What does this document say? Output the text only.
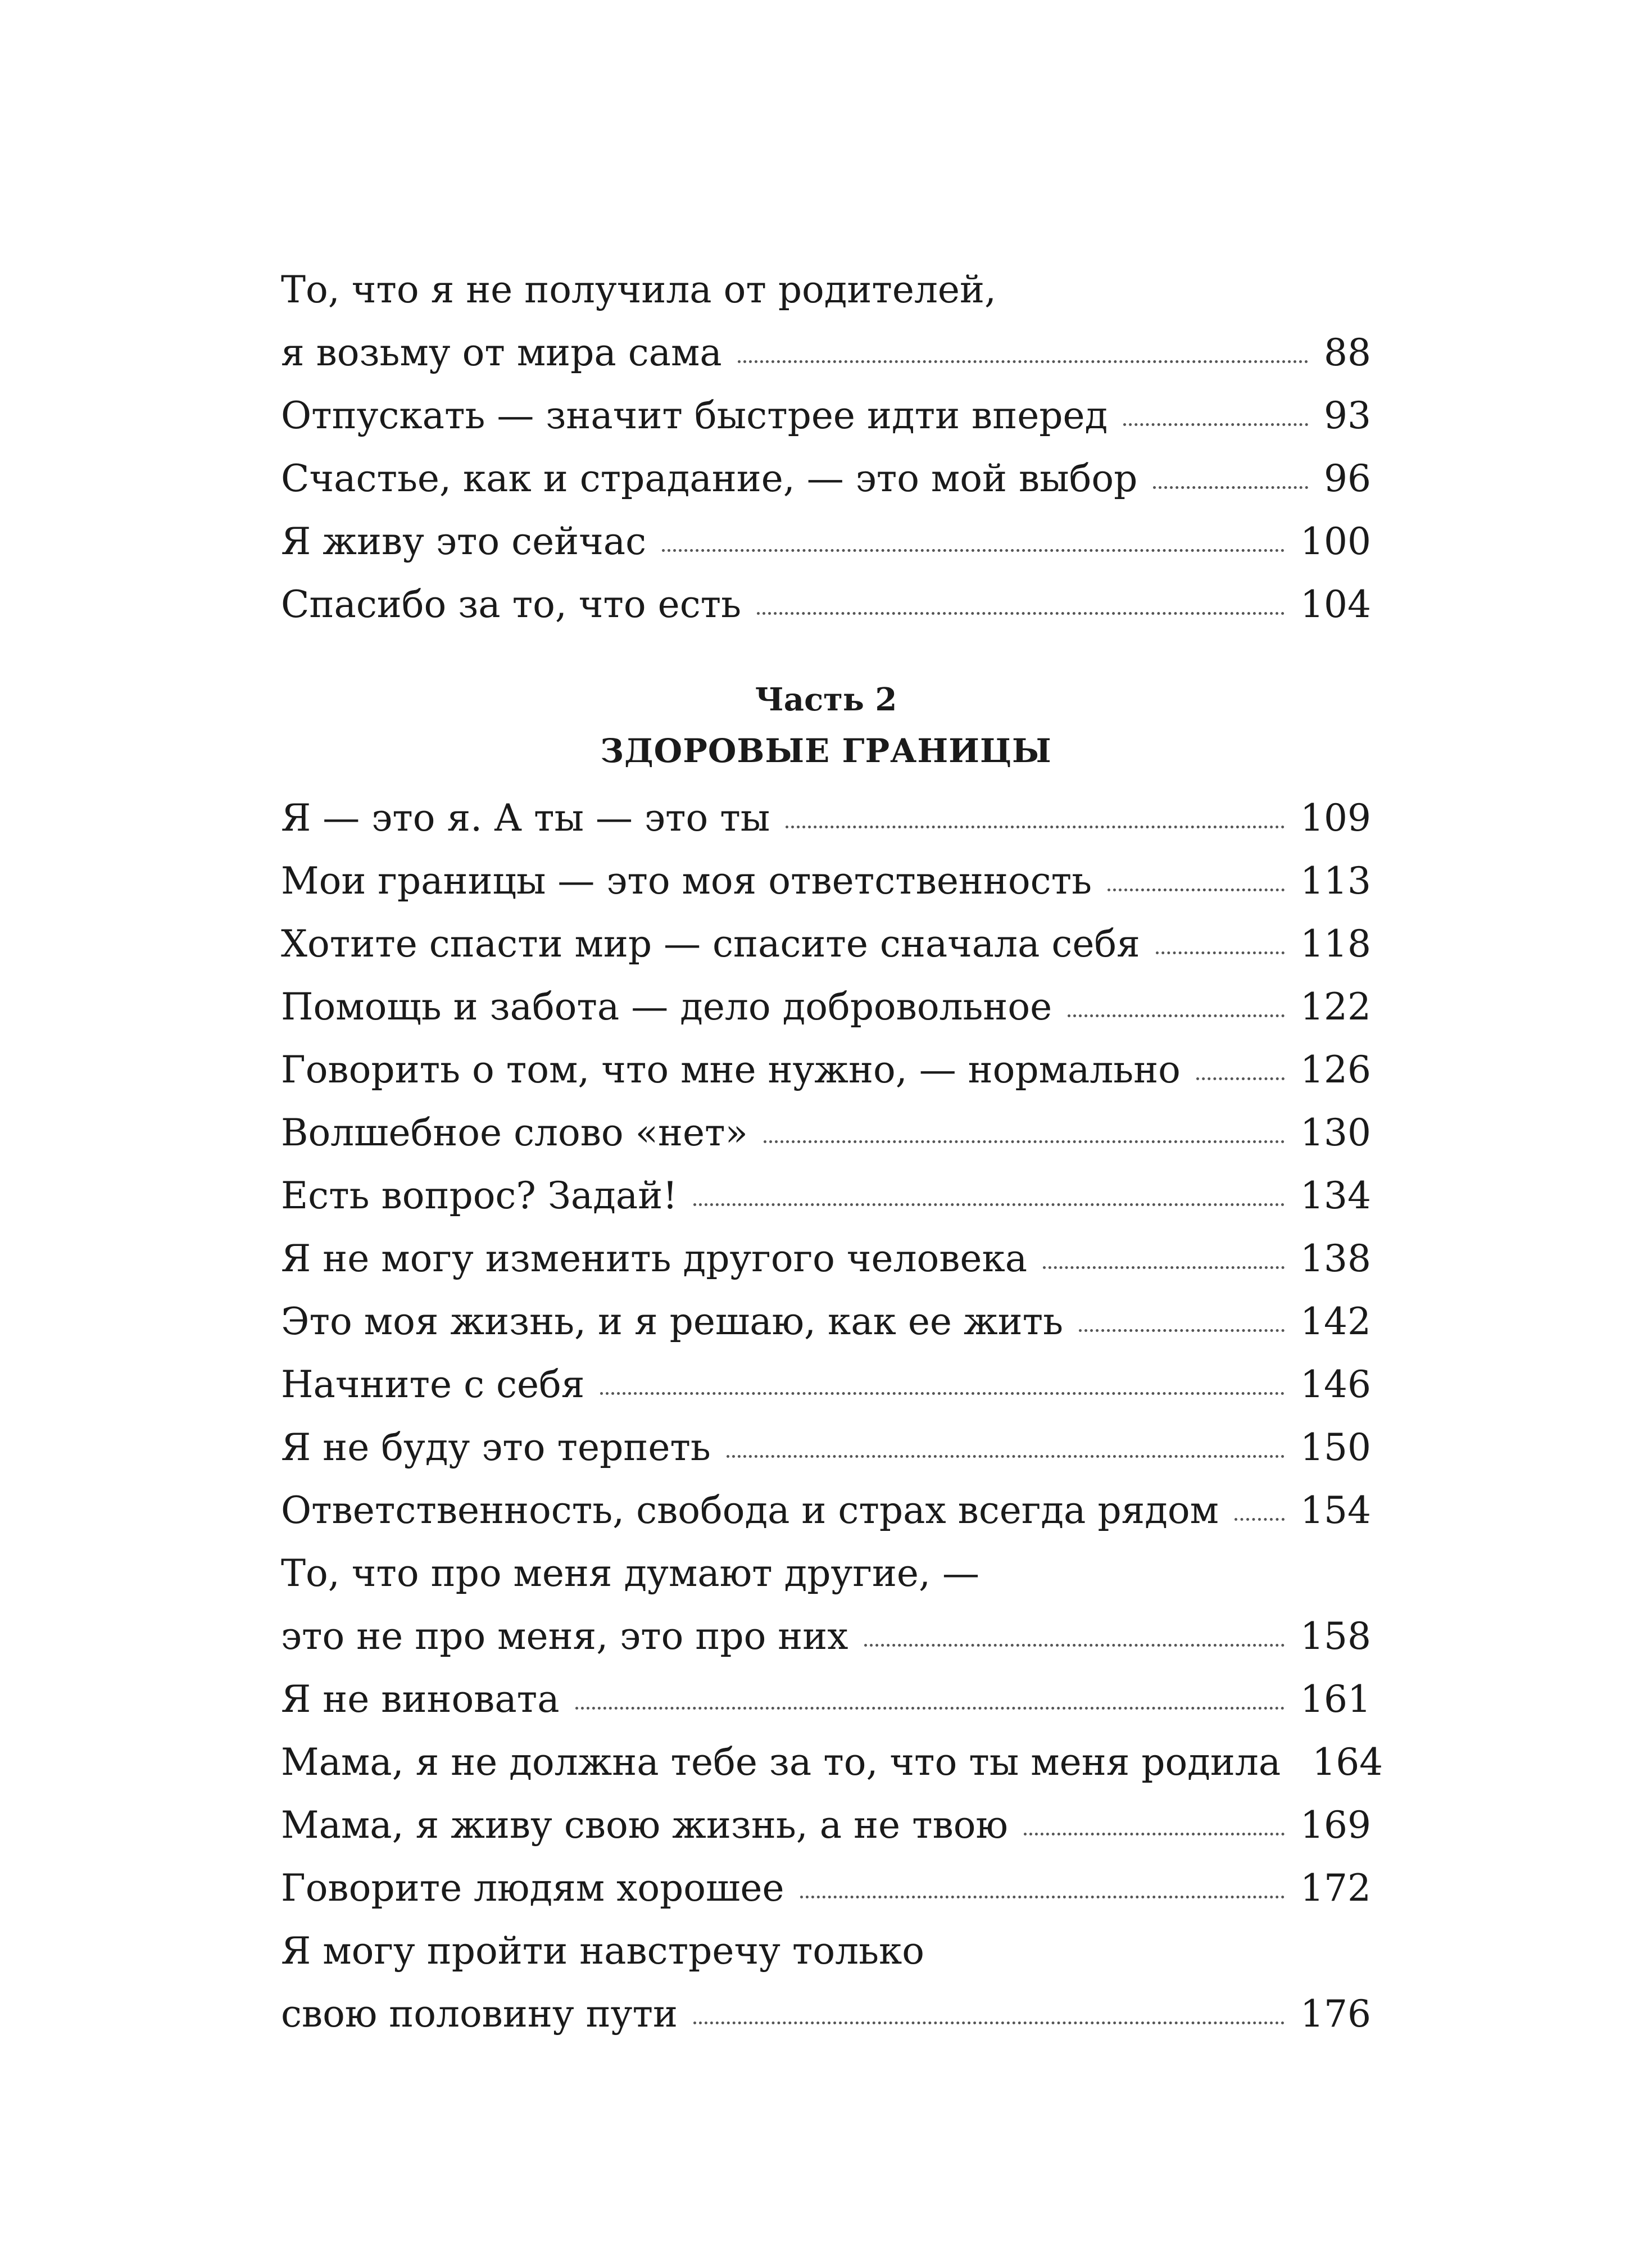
То, что я не получила от родителей,
я возьму от мира сама	88
Отпускать — значит быстрее идти вперед	93
Счастье, как и страдание, — это мой выбор	96
Я живу это сейчас	100
Спасибо за то, что есть	104
Часть 2
ЗДОРОВЫЕ ГРАНИЦЫ
Я — это я. А ты — это ты	109
Мои границы — это моя ответственность	113
Хотите спасти мир — спасите сначала себя	118
Помощь и забота — дело добровольное	122
Говорить о том, что мне нужно, — нормально	126
Волшебное слово «нет»	130
Есть вопрос? Задай!	134
Я не могу изменить другого человека	138
Это моя жизнь, и я решаю, как ее жить	142
Начните с себя	146
Я не буду это терпеть	150
Ответственность, свобода и страх всегда рядом 154
То, что про меня думают другие, —
это не про меня, это про них	158
Я не виновата	161
Мама, я не должна тебе за то, что ты меня родила 164
Мама, я живу свою жизнь, а не твою	169
Говорите людям хорошее	172
Я могу пройти навстречу только
свою половину пути	176
